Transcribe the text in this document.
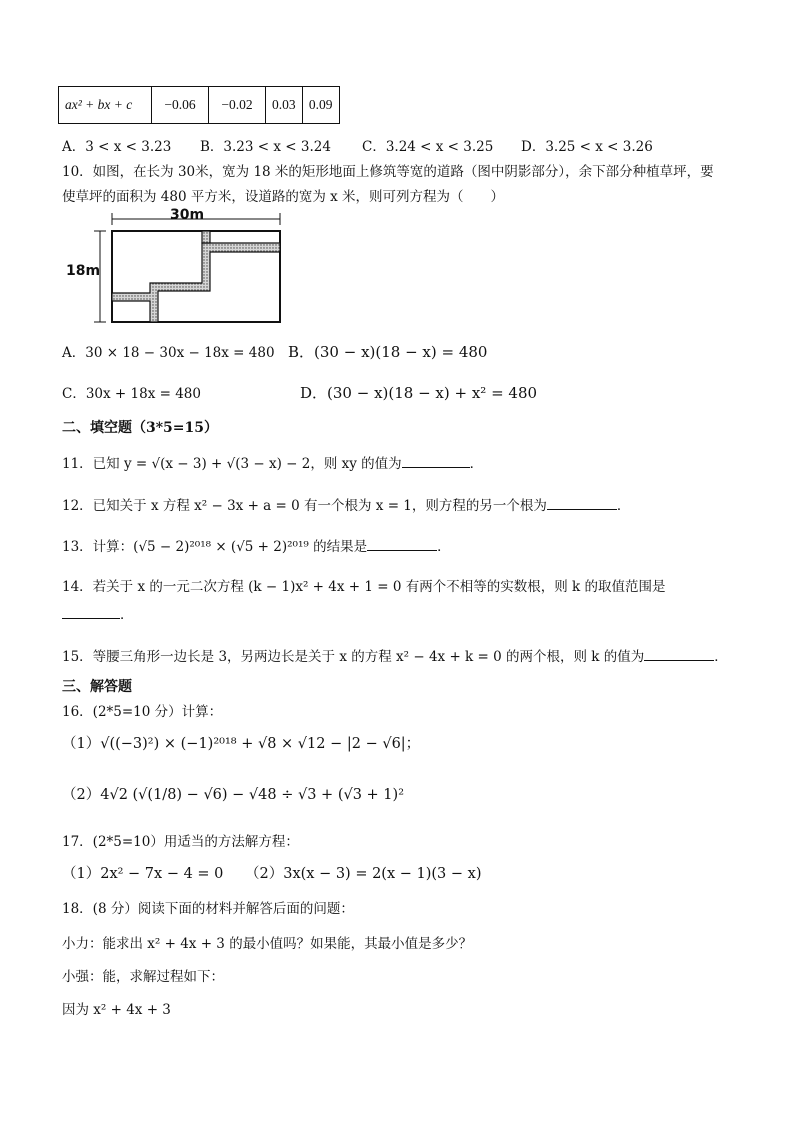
ax² + bx + c	−0.06	−0.02	0.03	0.09
A．3 < x < 3.23 B．3.23 < x < 3.24 C．3.24 < x < 3.25 D．3.25 < x < 3.26
10．如图，在长为 30米，宽为 18 米的矩形地面上修筑等宽的道路（图中阴影部分），余下部分种植草坪，要
使草坪的面积为 480 平方米，设道路的宽为 x 米，则可列方程为（　　）
30m
18m
A．30 × 18 − 30x − 18x = 480 B．(30 − x)(18 − x) = 480
C．30x + 18x = 480	D．(30 − x)(18 − x) + x² = 480
二、填空题（3*5=15）
11．已知 y = √(x − 3) + √(3 − x) − 2，则 xy 的值为	．
12．已知关于 x 方程 x² − 3x + a = 0 有一个根为 x = 1，则方程的另一个根为	．
13．计算：(√5 − 2)²⁰¹⁸ × (√5 + 2)²⁰¹⁹ 的结果是	．
14．若关于 x 的一元二次方程 (k − 1)x² + 4x + 1 = 0 有两个不相等的实数根，则 k 的取值范围是
．
15．等腰三角形一边长是 3，另两边长是关于 x 的方程 x² − 4x + k = 0 的两个根，则 k 的值为	．
三、解答题
16．(2*5=10 分）计算：
（1）√((−3)²) × (−1)²⁰¹⁸ + √8 × √12 − |2 − √6|；
（2）4√2 (√(1/8) − √6) − √48 ÷ √3 + (√3 + 1)²
17．(2*5=10）用适当的方法解方程：
（1）2x² − 7x − 4 = 0 （2）3x(x − 3) = 2(x − 1)(3 − x)
18．(8 分）阅读下面的材料并解答后面的问题：
小力：能求出 x² + 4x + 3 的最小值吗？如果能，其最小值是多少？
小强：能，求解过程如下：
因为 x² + 4x + 3
